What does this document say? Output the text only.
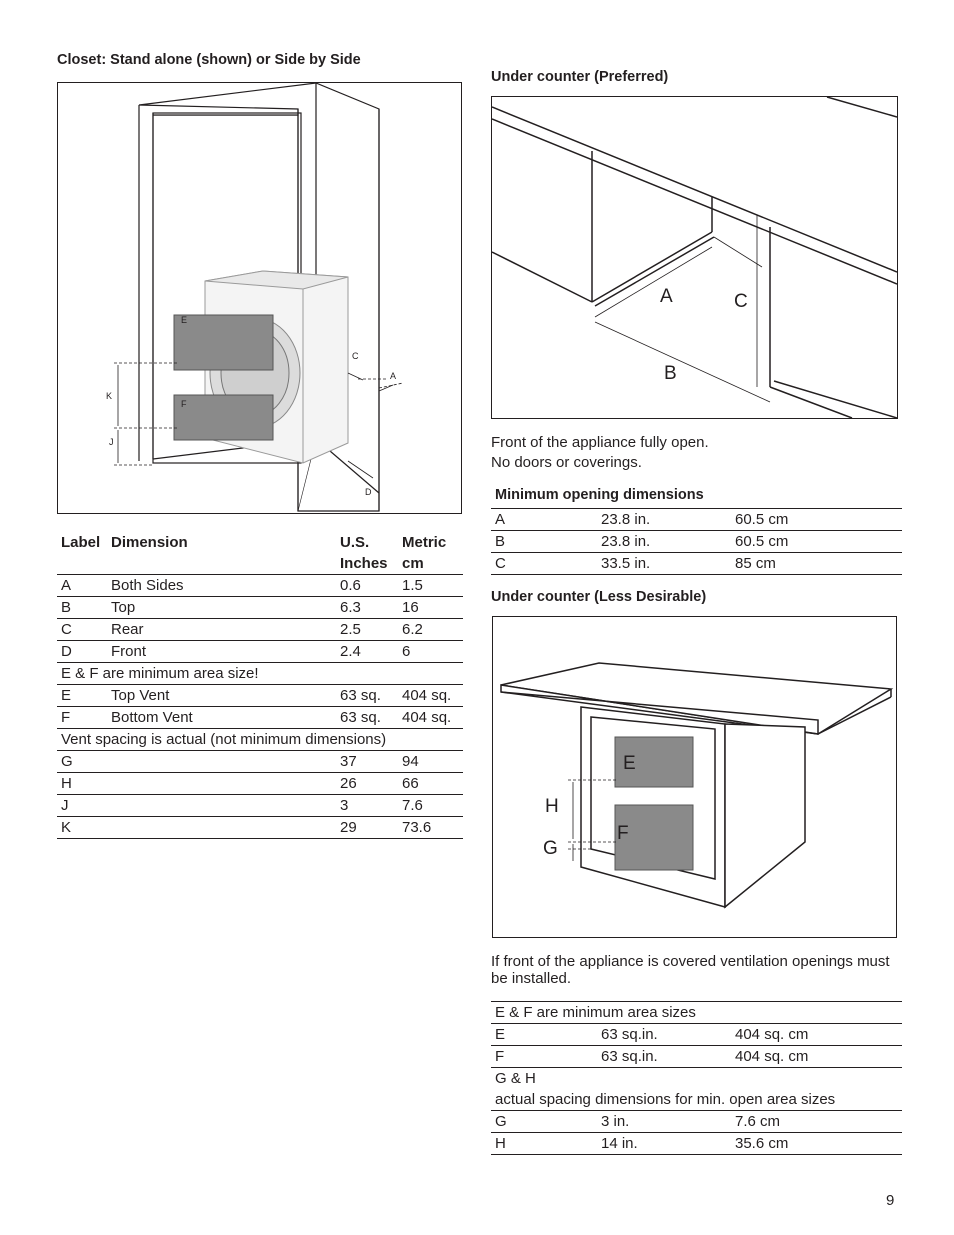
Closet: Stand alone (shown) or Side by Side
E
F
K
J
C
A
D
Label	Dimension	U.S.	Metric
		Inches	cm
A	Both Sides	0.6	1.5
B	Top	6.3	16
C	Rear	2.5	6.2
D	Front	2.4	6
E & F are minimum area size!			
E	Top Vent	63 sq.	404 sq.
F	Bottom Vent	63 sq.	404 sq.
Vent spacing is actual (not minimum dimensions)			
G		37	94
H		26	66
J		3	7.6
K		29	73.6
Under counter (Preferred)
A
B
C

Front of the appliance fully open.

No doors or coverings.

Minimum opening dimensions
A	23.8 in.	60.5 cm
B	23.8 in.	60.5 cm
C	33.5 in.	85 cm
Under counter (Less Desirable)
E
F
H
G

If front of the appliance is covered ventilation openings must be installed.

E & F are minimum area sizes		
E	63 sq.in.	404 sq. cm
F	63 sq.in.	404 sq. cm
G & H		
actual spacing dimensions for min. open area sizes		
G	3 in.	7.6 cm
H	14 in.	35.6 cm
9
